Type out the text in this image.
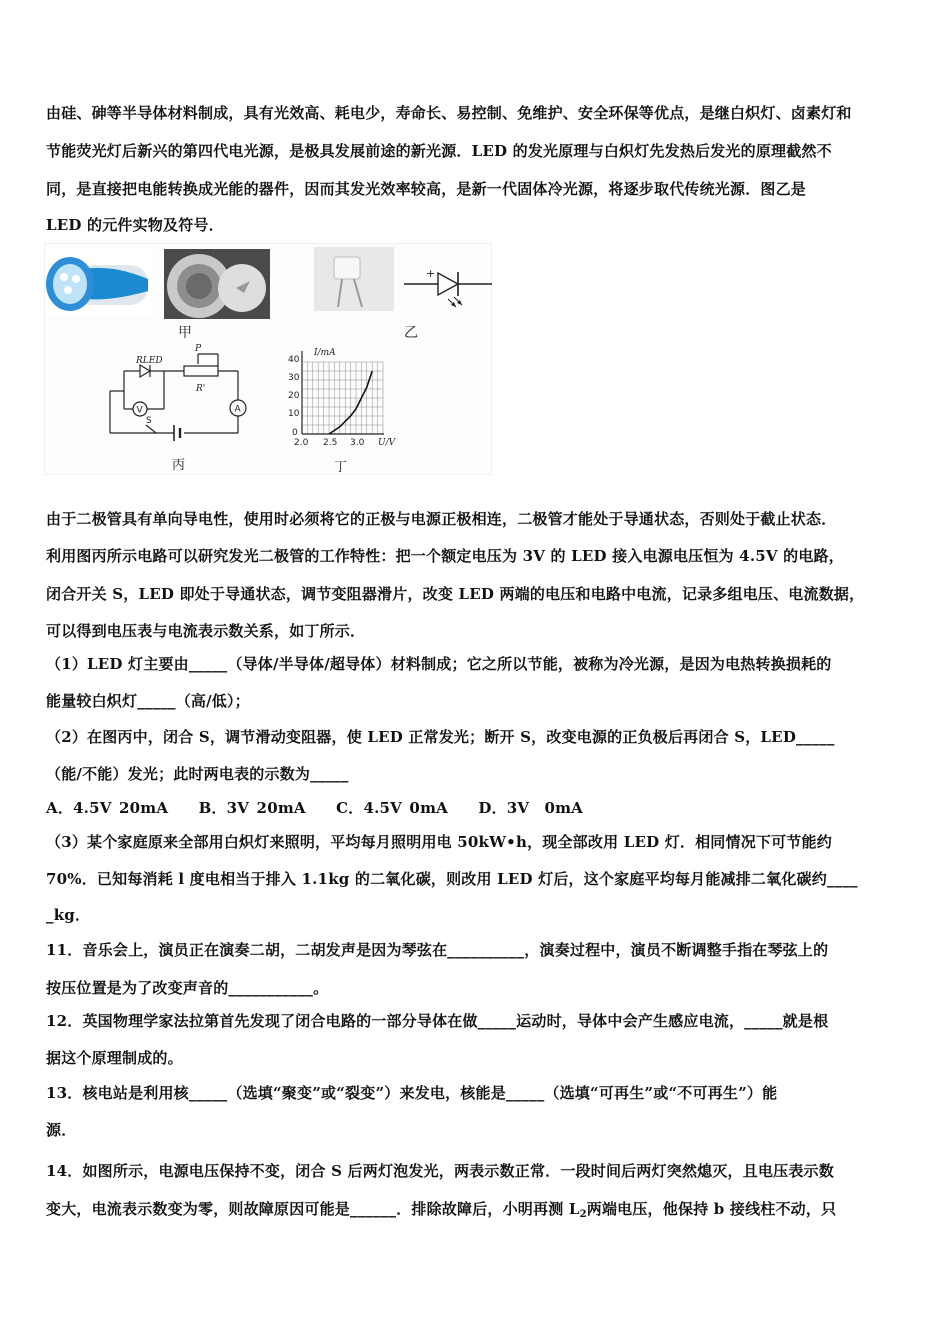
由硅、砷等半导体材料制成，具有光效高、耗电少，寿命长、易控制、免维护、安全环保等优点，是继白炽灯、卤素灯和
节能荧光灯后新兴的第四代电光源，是极具发展前途的新光源．LED 的发光原理与白炽灯先发热后发光的原理截然不
同，是直接把电能转换成光能的器件，因而其发光效率较高，是新一代固体冷光源，将逐步取代传统光源．图乙是
LED 的元件实物及符号．
甲
+
乙
RLED
P
R'
V	A
S
丙
I/mA
U/V
40
30
20
10
0
2.0 2.5 3.0
丁
由于二极管具有单向导电性，使用时必须将它的正极与电源正极相连，二极管才能处于导通状态，否则处于截止状态．
利用图丙所示电路可以研究发光二极管的工作特性：把一个额定电压为 3V 的 LED 接入电源电压恒为 4.5V 的电路，
闭合开关 S，LED 即处于导通状态，调节变阻器滑片，改变 LED 两端的电压和电路中电流，记录多组电压、电流数据，
可以得到电压表与电流表示数关系，如丁所示．
（1）LED 灯主要由_____（导体/半导体/超导体）材料制成；它之所以节能，被称为冷光源，是因为电热转换损耗的
能量较白炽灯_____（高/低）；
（2）在图丙中，闭合 S，调节滑动变阻器，使 LED 正常发光；断开 S，改变电源的正负极后再闭合 S，LED_____
（能/不能）发光；此时两电表的示数为_____
A．4.5V 20mA　　B．3V 20mA　　C．4.5V 0mA　　D．3V　0mA
（3）某个家庭原来全部用白炽灯来照明，平均每月照明用电 50kW•h，现全部改用 LED 灯．相同情况下可节能约
70%．已知每消耗 l 度电相当于排入 1.1kg 的二氧化碳，则改用 LED 灯后，这个家庭平均每月能减排二氧化碳约____
_kg．
11．音乐会上，演员正在演奏二胡，二胡发声是因为琴弦在__________，演奏过程中，演员不断调整手指在琴弦上的
按压位置是为了改变声音的___________。
12．英国物理学家法拉第首先发现了闭合电路的一部分导体在做_____运动时，导体中会产生感应电流，_____就是根
据这个原理制成的。
13．核电站是利用核_____（选填“聚变”或“裂变”）来发电，核能是_____（选填“可再生”或“不可再生”）能
源．
14．如图所示，电源电压保持不变，闭合 S 后两灯泡发光，两表示数正常．一段时间后两灯突然熄灭，且电压表示数
变大，电流表示数变为零，则故障原因可能是______．排除故障后，小明再测 $L_2$两端电压，他保持 b 接线柱不动，只
